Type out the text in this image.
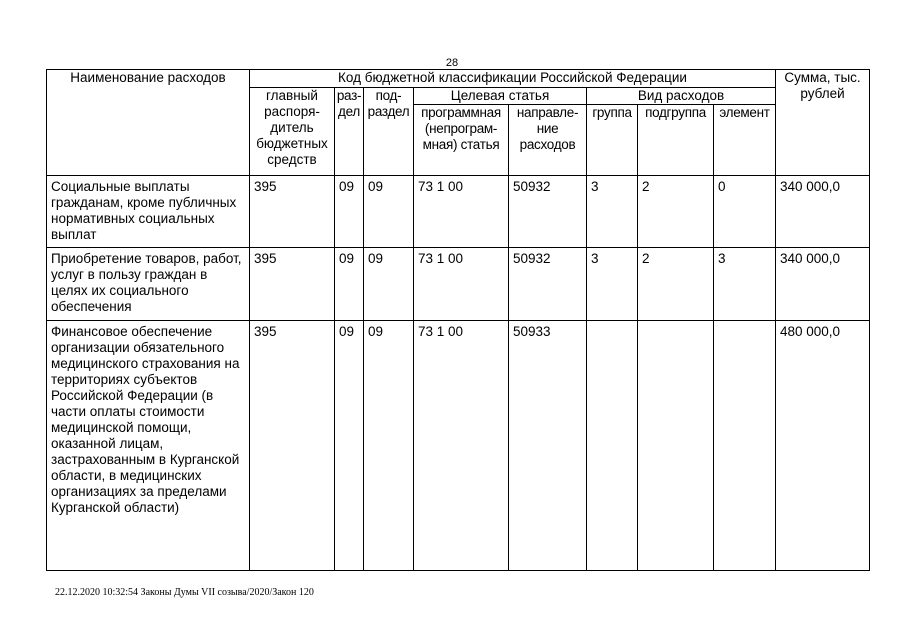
28
Наименование расходов	Код бюджетной классификации Российской Федерации								Сумма, тыс. рублей
	главный распоря-дитель бюджетных средств	раз-дел	под-раздел	Целевая статья		Вид расходов			
				программная (непрограм-мная) статья	направле-ние расходов	группа	подгруппа	элемент	
Социальные выплаты гражданам, кроме публичных нормативных социальных выплат	395	09	09	73 1 00	50932	3	2	0	340 000,0
Приобретение товаров, работ, услуг в пользу граждан в целях их социального обеспечения	395	09	09	73 1 00	50932	3	2	3	340 000,0
Финансовое обеспечение организации обязательного медицинского страхования на территориях субъектов Российской Федерации (в части оплаты стоимости медицинской помощи, оказанной лицам, застрахованным в Курганской области, в медицинских организациях за пределами Курганской области)	395	09	09	73 1 00	50933				480 000,0
22.12.2020 10:32:54 Законы Думы VII созыва/2020/Закон 120
